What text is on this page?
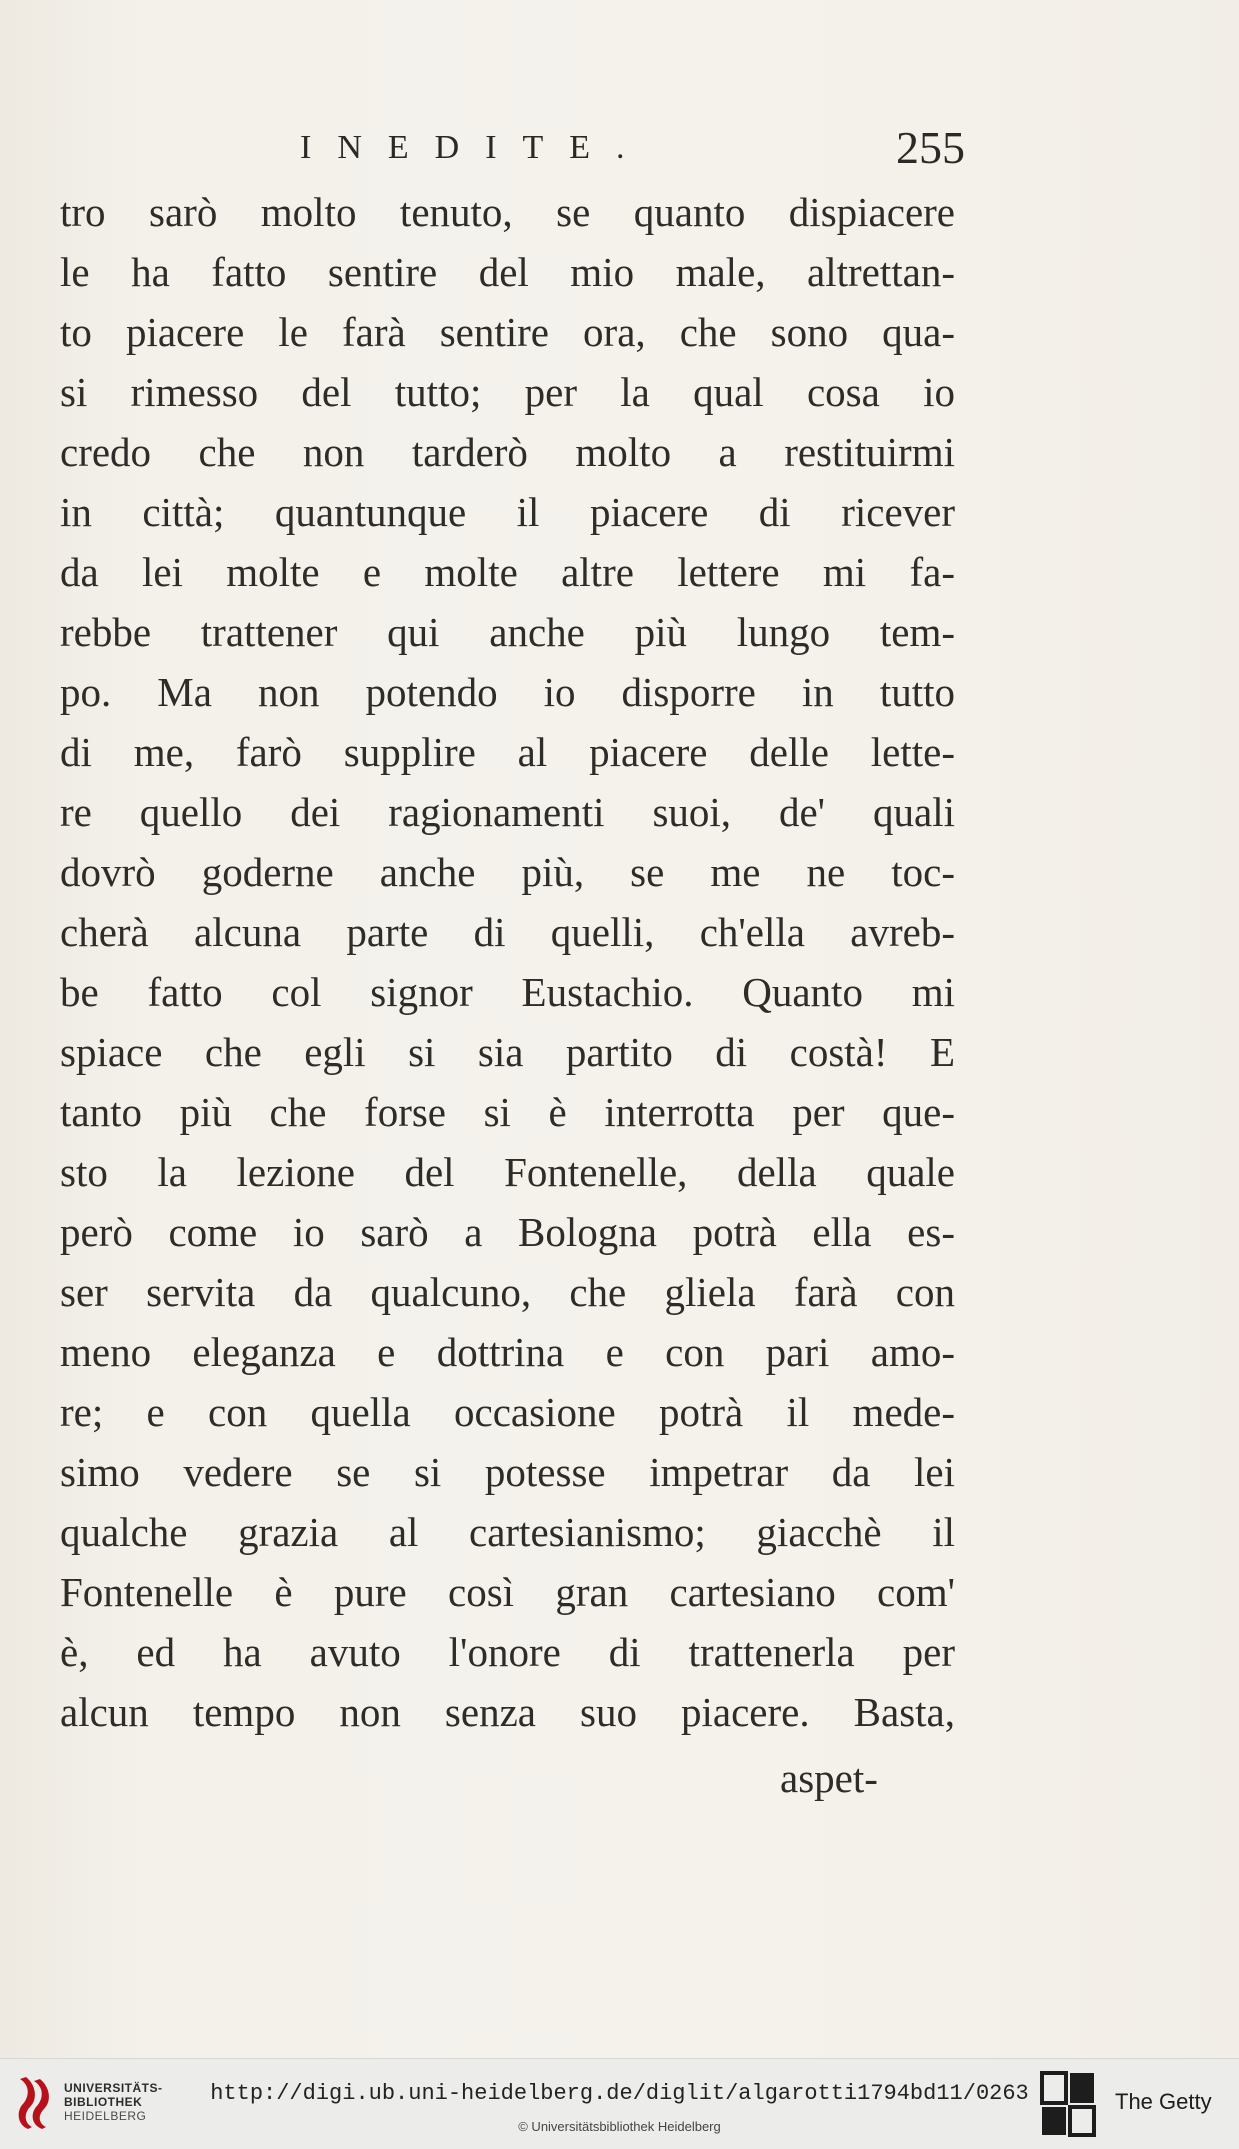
INEDITE.	255
tro sarò molto tenuto, se quanto dispiacere
le ha fatto sentire del mio male, altrettan-
to piacere le farà sentire ora, che sono qua-
si rimesso del tutto; per la qual cosa io
credo che non tarderò molto a restituirmi
in città; quantunque il piacere di ricever
da lei molte e molte altre lettere mi fa-
rebbe trattener qui anche più lungo tem-
po. Ma non potendo io disporre in tutto
di me, farò supplire al piacere delle lette-
re quello dei ragionamenti suoi, de' quali
dovrò goderne anche più, se me ne toc-
cherà alcuna parte di quelli, ch'ella avreb-
be fatto col signor Eustachio. Quanto mi
spiace che egli si sia partito di costà! E
tanto più che forse si è interrotta per que-
sto la lezione del Fontenelle, della quale
però come io sarò a Bologna potrà ella es-
ser servita da qualcuno, che gliela farà con
meno eleganza e dottrina e con pari amo-
re; e con quella occasione potrà il mede-
simo vedere se si potesse impetrar da lei
qualche grazia al cartesianismo; giacchè il
Fontenelle è pure così gran cartesiano com'
è, ed ha avuto l'onore di trattenerla per
alcun tempo non senza suo piacere. Basta,
aspet-
UNIVERSITÄTS-
BIBLIOTHEK
HEIDELBERG
http://digi.ub.uni-heidelberg.de/diglit/algarotti1794bd11/0263
© Universitätsbibliothek Heidelberg
The Getty
